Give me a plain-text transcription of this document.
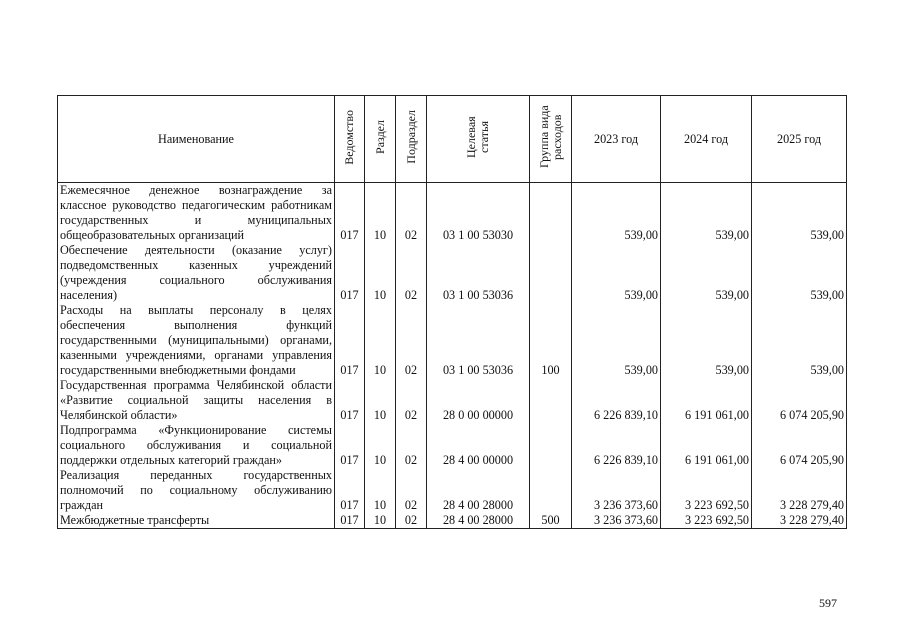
Наименование	Ведомство	Раздел	Подраздел	Целевая статья	Группа вида расходов	2023 год	2024 год	2025 год
Ежемесячное денежное вознаграждение за классное руководство педагогическим работникам государственных и муниципальных общеобразовательных организаций	017	10	02	03 1 00 53030		539,00	539,00	539,00
Обеспечение деятельности (оказание услуг) подведомственных казенных учреждений (учреждения социального обслуживания населения)	017	10	02	03 1 00 53036		539,00	539,00	539,00
Расходы на выплаты персоналу в целях обеспечения выполнения функций государственными (муниципальными) органами, казенными учреждениями, органами управления государственными внебюджетными фондами	017	10	02	03 1 00 53036	100	539,00	539,00	539,00
Государственная программа Челябинской области «Развитие социальной защиты населения в Челябинской области»	017	10	02	28 0 00 00000		6 226 839,10	6 191 061,00	6 074 205,90
Подпрограмма «Функционирование системы социального обслуживания и социальной поддержки отдельных категорий граждан»	017	10	02	28 4 00 00000		6 226 839,10	6 191 061,00	6 074 205,90
Реализация переданных государственных полномочий по социальному обслуживанию граждан	017	10	02	28 4 00 28000		3 236 373,60	3 223 692,50	3 228 279,40
Межбюджетные трансферты	017	10	02	28 4 00 28000	500	3 236 373,60	3 223 692,50	3 228 279,40
597
